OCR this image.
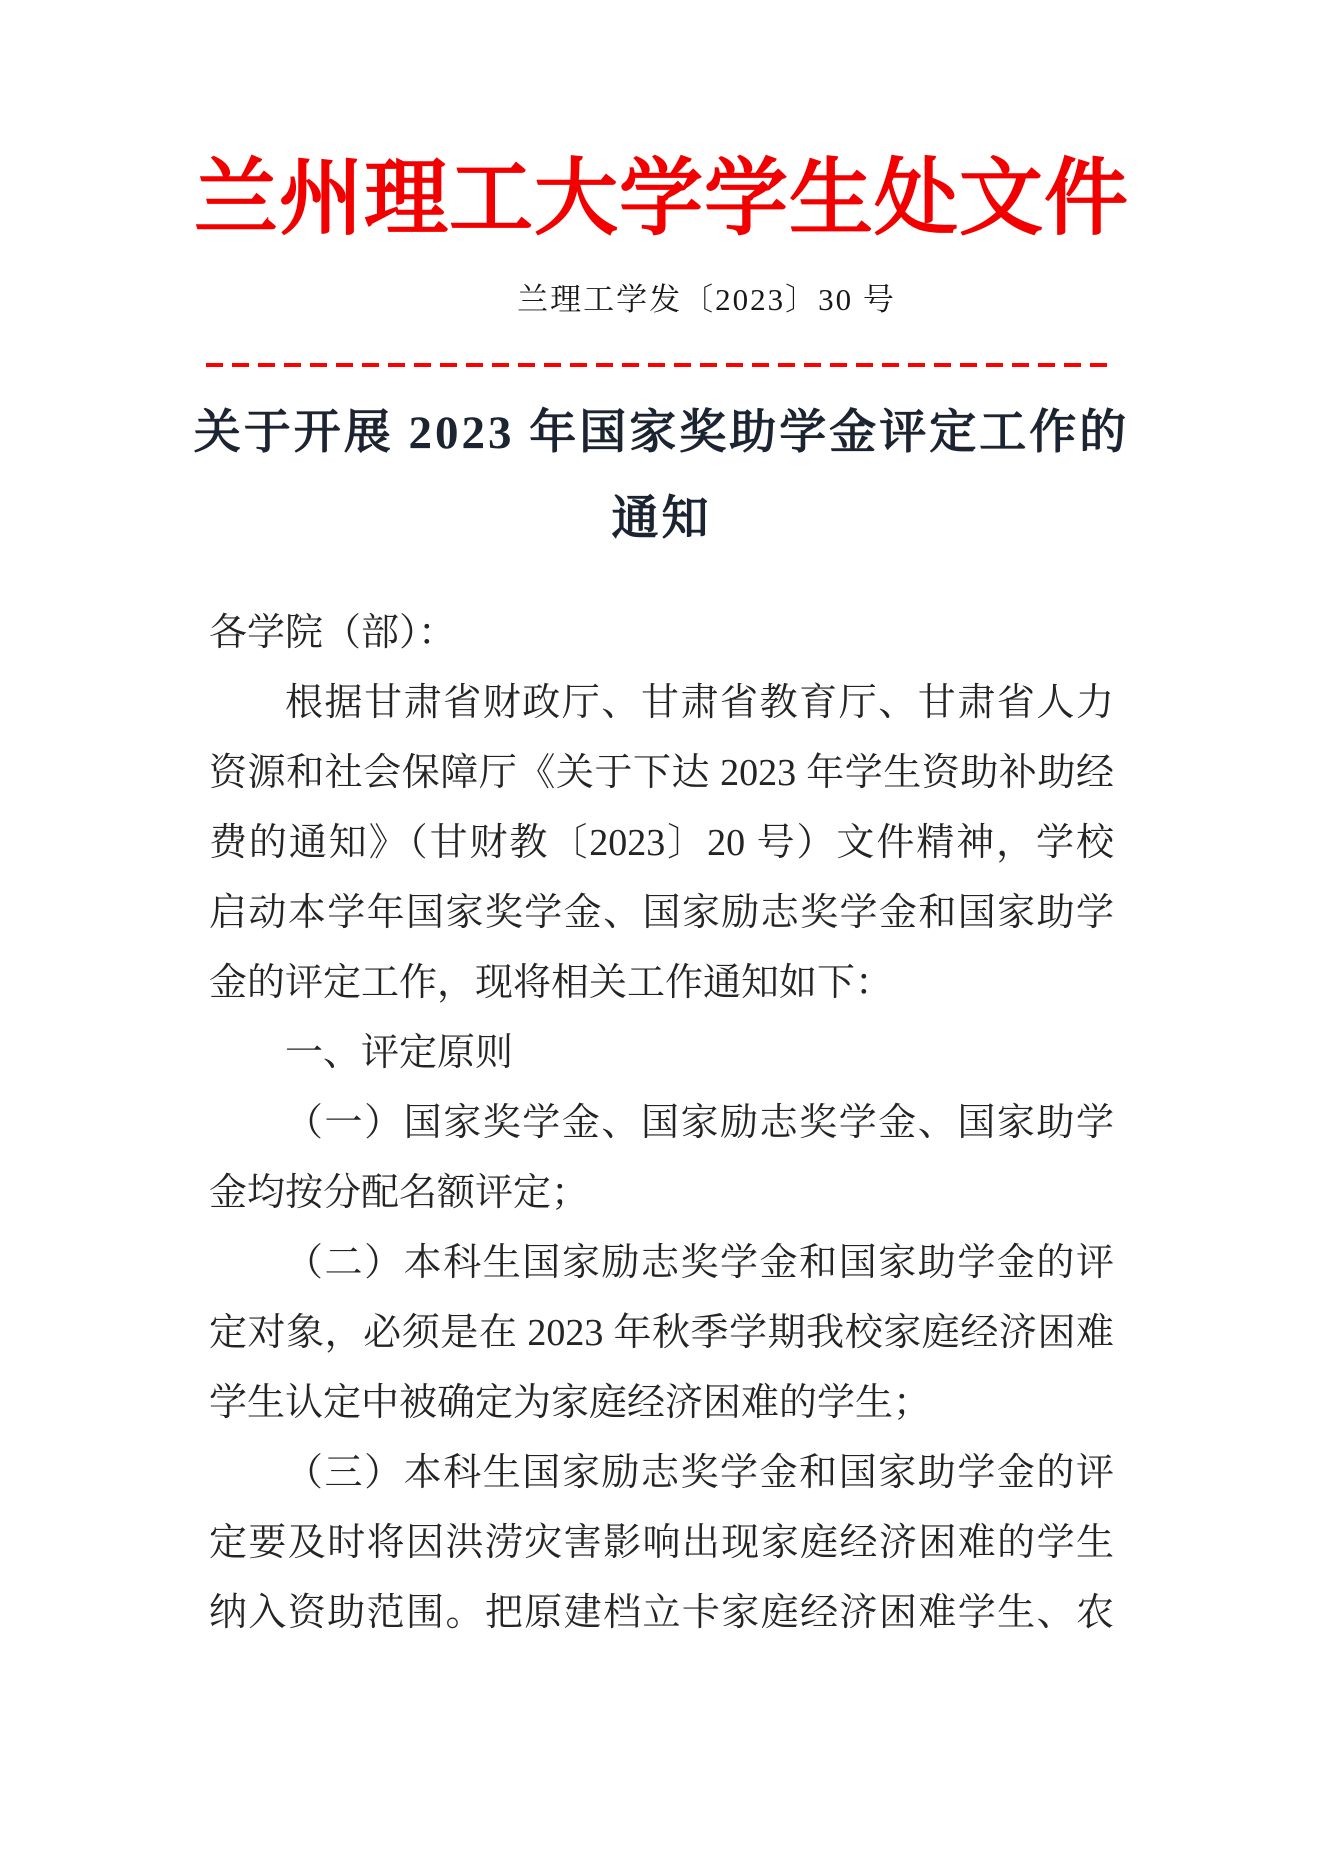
兰州理工大学学生处文件
兰理工学发〔2023〕30 号
关于开展 2023 年国家奖助学金评定工作的
通知
各学院（部）：
根据甘肃省财政厅、甘肃省教育厅、甘肃省人力
资源和社会保障厅《关于下达 2023 年学生资助补助经
费的通知》（甘财教〔2023〕20 号）文件精神，学校
启动本学年国家奖学金、国家励志奖学金和国家助学
金的评定工作，现将相关工作通知如下：
一、评定原则
（一）国家奖学金、国家励志奖学金、国家助学
金均按分配名额评定；
（二）本科生国家励志奖学金和国家助学金的评
定对象，必须是在 2023 年秋季学期我校家庭经济困难
学生认定中被确定为家庭经济困难的学生；
（三）本科生国家励志奖学金和国家助学金的评
定要及时将因洪涝灾害影响出现家庭经济困难的学生
纳入资助范围。把原建档立卡家庭经济困难学生、农
